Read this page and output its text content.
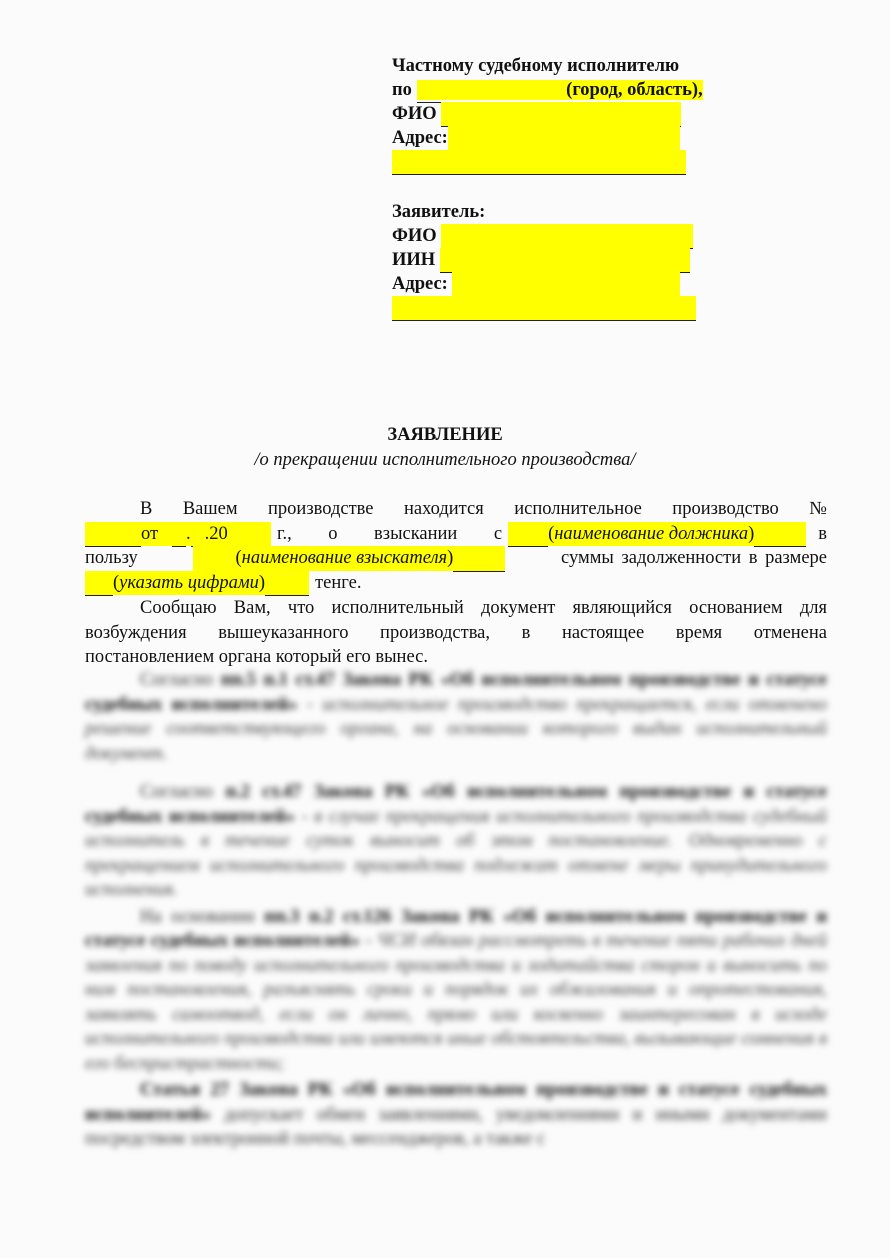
Частному судебному исполнителю
по	(город, область),
ФИО
Адрес:

Заявитель:
ФИО
ИИН
Адрес:

ЗАЯВЛЕНИЕ
/о прекращении исполнительного производства/
В Вашем производстве находится исполнительное производство №
от . .20	г., о взыскании с	(наименование должника)	в
пользу	(наименование взыскателя)	суммы задолженности в размере
(указать цифрами)	тенге.
Сообщаю Вам, что исполнительный документ являющийся основанием для
возбуждения вышеуказанного производства, в настоящее время отменена
постановлением органа который его вынес.

Согласно пп.5 п.1 ст.47 Закона РК «Об исполнительном производстве и статусе судебных исполнителей» - исполнительное производство прекращается, если отменено решение соответствующего органа, на основании которого выдан исполнительный документ.

Согласно п.2 ст.47 Закона РК «Об исполнительном производстве и статусе судебных исполнителей» - в случае прекращения исполнительного производства судебный исполнитель в течение суток выносит об этом постановление. Одновременно с прекращением исполнительного производства подлежат отмене меры принудительного исполнения.

На основании пп.3 п.2 ст.126 Закона РК «Об исполнительном производстве и статусе судебных исполнителей» - ЧСИ обязан рассмотреть в течение пяти рабочих дней заявления по поводу исполнительного производства и ходатайства сторон и выносить по ним постановления, разъяснять сроки и порядок их обжалования и опротестования, заявлять самоотвод, если он лично, прямо или косвенно заинтересован в исходе исполнительного производства или имеются иные обстоятельства, вызывающие сомнения в его беспристрастности;

Статья 27 Закона РК «Об исполнительном производстве и статусе судебных исполнителей» допускает обмен заявлениями, уведомлениями и иными документами посредством электронной почты, мессенджеров, а также с
